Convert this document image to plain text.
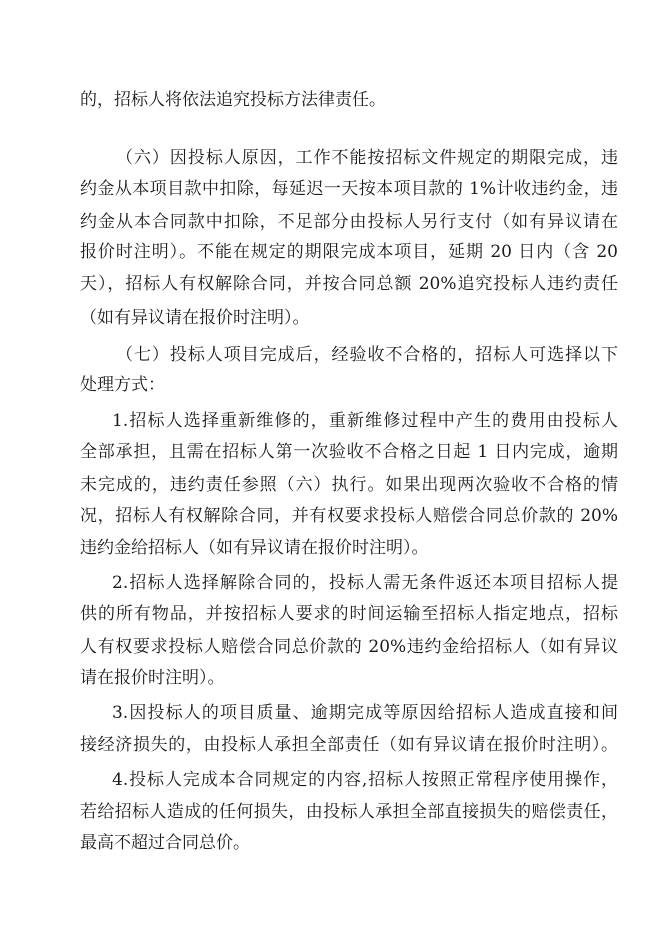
的，招标人将依法追究投标方法律责任。
（六）因投标人原因，工作不能按招标文件规定的期限完成，违
约金从本项目款中扣除，每延迟一天按本项目款的 1%计收违约金，违
约金从本合同款中扣除，不足部分由投标人另行支付（如有异议请在
报价时注明）。不能在规定的期限完成本项目，延期 20 日内（含 20
天），招标人有权解除合同，并按合同总额 20%追究投标人违约责任
（如有异议请在报价时注明）。
（七）投标人项目完成后，经验收不合格的，招标人可选择以下
处理方式：
1.招标人选择重新维修的，重新维修过程中产生的费用由投标人
全部承担，且需在招标人第一次验收不合格之日起 1 日内完成，逾期
未完成的，违约责任参照（六）执行。如果出现两次验收不合格的情
况，招标人有权解除合同，并有权要求投标人赔偿合同总价款的 20%
违约金给招标人（如有异议请在报价时注明）。
2.招标人选择解除合同的，投标人需无条件返还本项目招标人提
供的所有物品，并按招标人要求的时间运输至招标人指定地点，招标
人有权要求投标人赔偿合同总价款的 20%违约金给招标人（如有异议
请在报价时注明）。
3.因投标人的项目质量、逾期完成等原因给招标人造成直接和间
接经济损失的，由投标人承担全部责任（如有异议请在报价时注明）。
4.投标人完成本合同规定的内容,招标人按照正常程序使用操作，
若给招标人造成的任何损失，由投标人承担全部直接损失的赔偿责任，
最高不超过合同总价。
